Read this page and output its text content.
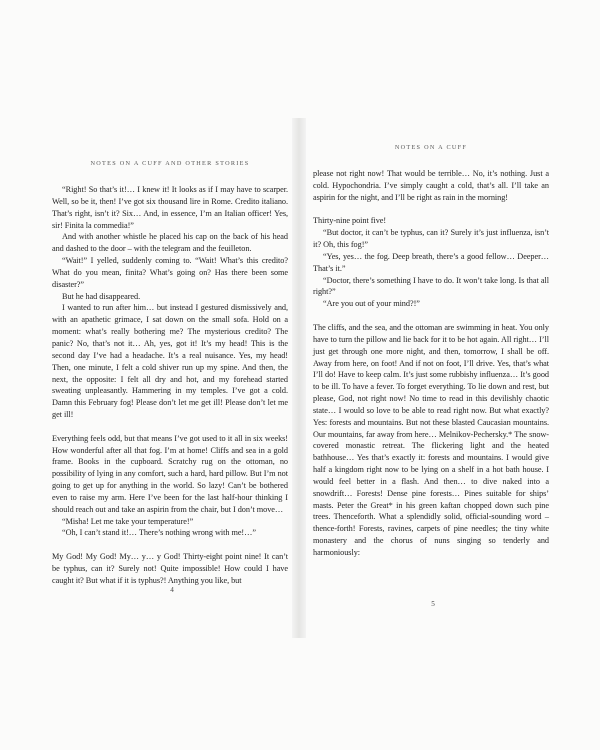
NOTES ON A CUFF AND OTHER STORIES

“Right! So that’s it!… I knew it! It looks as if I may have to scarper. Well, so be it, then! I’ve got six thousand lire in Rome. Credito italiano. That’s right, isn’t it? Six… And, in essence, I’m an Italian officer! Yes, sir! Finita la commedia!”

And with another whistle he placed his cap on the back of his head and dashed to the door – with the telegram and the feuilleton.

“Wait!” I yelled, suddenly coming to. “Wait! What’s this credito? What do you mean, finita? What’s going on? Has there been some disaster?”

But he had disappeared.

I wanted to run after him… but instead I gestured dismissively and, with an apathetic grimace, I sat down on the small sofa. Hold on a moment: what’s really bothering me? The mysterious credito? The panic? No, that’s not it… Ah, yes, got it! It’s my head! This is the second day I’ve had a headache. It’s a real nuisance. Yes, my head! Then, one minute, I felt a cold shiver run up my spine. And then, the next, the opposite: I felt all dry and hot, and my forehead started sweating unpleasantly. Hammering in my temples. I’ve got a cold. Damn this February fog! Please don’t let me get ill! Please don’t let me get ill!

Everything feels odd, but that means I’ve got used to it all in six weeks! How wonderful after all that fog. I’m at home! Cliffs and sea in a gold frame. Books in the cupboard. Scratchy rug on the ottoman, no possibility of lying in any comfort, such a hard, hard pillow. But I’m not going to get up for anything in the world. So lazy! Can’t be bothered even to raise my arm. Here I’ve been for the last half-hour thinking I should reach out and take an aspirin from the chair, but I don’t move…

“Misha! Let me take your temperature!”

“Oh, I can’t stand it!… There’s nothing wrong with me!…”

My God! My God! My… y… y God! Thirty-eight point nine! It can’t be typhus, can it? Surely not! Quite impossible! How could I have caught it? But what if it is typhus?! Anything you like, but

4
NOTES ON A CUFF

please not right now! That would be terrible… No, it’s nothing. Just a cold. Hypochondria. I’ve simply caught a cold, that’s all. I’ll take an aspirin for the night, and I’ll be right as rain in the morning!

Thirty-nine point five!

“But doctor, it can’t be typhus, can it? Surely it’s just influenza, isn’t it? Oh, this fog!”

“Yes, yes… the fog. Deep breath, there’s a good fellow… Deeper… That’s it.”

“Doctor, there’s something I have to do. It won’t take long. Is that all right?”

“Are you out of your mind?!”

The cliffs, and the sea, and the ottoman are swimming in heat. You only have to turn the pillow and lie back for it to be hot again. All right… I’ll just get through one more night, and then, tomorrow, I shall be off. Away from here, on foot! And if not on foot, I’ll drive. Yes, that’s what I’ll do! Have to keep calm. It’s just some rubbishy influenza… It’s good to be ill. To have a fever. To forget everything. To lie down and rest, but please, God, not right now! No time to read in this devilishly chaotic state… I would so love to be able to read right now. But what exactly? Yes: forests and mountains. But not these blasted Caucasian mountains. Our mountains, far away from here… Melnikov-Pechersky.* The snow-covered monastic retreat. The flickering light and the heated bathhouse… Yes that’s exactly it: forests and mountains. I would give half a kingdom right now to be lying on a shelf in a hot bath house. I would feel better in a flash. And then… to dive naked into a snowdrift… Forests! Dense pine forests… Pines suitable for ships’ masts. Peter the Great* in his green kaftan chopped down such pine trees. Thenceforth. What a splendidly solid, official-sounding word – thence-forth! Forests, ravines, carpets of pine needles; the tiny white monastery and the chorus of nuns singing so tenderly and harmoniously:

5
